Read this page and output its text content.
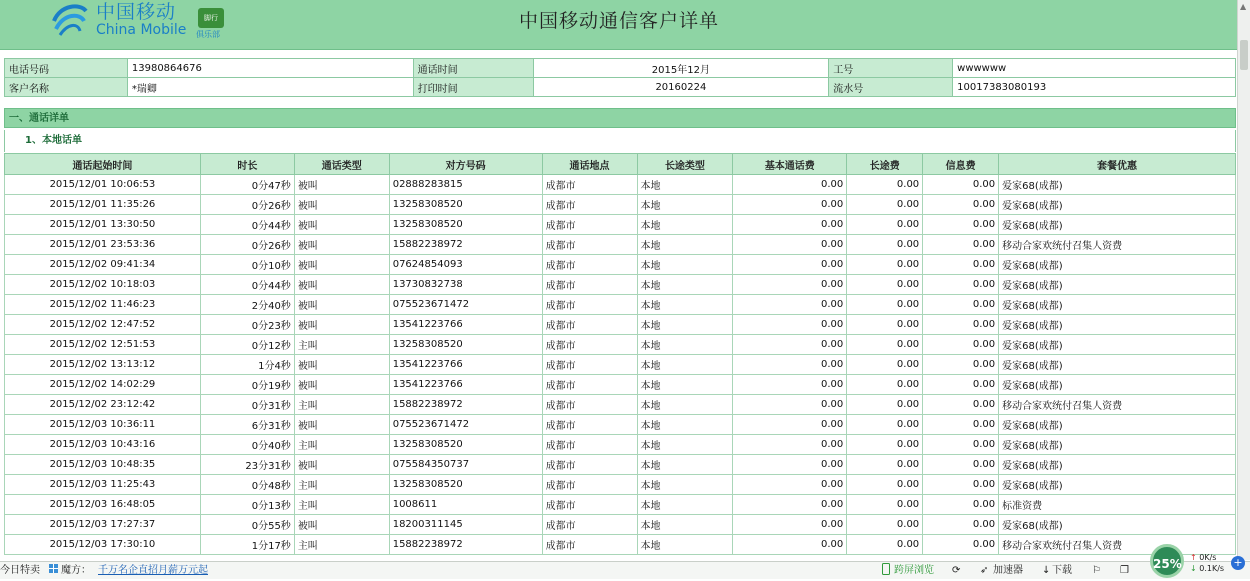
中国移动
China Mobile
脚行
俱乐部
中国移动通信客户详单
▲
电话号码	13980864676	通话时间	2015年12月	工号	wwwwww
客户名称	*瑞卿	打印时间	20160224	流水号	10017383080193
一、通话详单
1、本地话单
通话起始时间	时长	通话类型	对方号码	通话地点	长途类型	基本通话费	长途费	信息费	套餐优惠
2015/12/01 10:06:53	0分47秒	被叫	02888283815	成都市	本地	0.00	0.00	0.00	爱家68(成都)
2015/12/01 11:35:26	0分26秒	被叫	13258308520	成都市	本地	0.00	0.00	0.00	爱家68(成都)
2015/12/01 13:30:50	0分44秒	被叫	13258308520	成都市	本地	0.00	0.00	0.00	爱家68(成都)
2015/12/01 23:53:36	0分26秒	被叫	15882238972	成都市	本地	0.00	0.00	0.00	移动合家欢统付召集人资费
2015/12/02 09:41:34	0分10秒	被叫	07624854093	成都市	本地	0.00	0.00	0.00	爱家68(成都)
2015/12/02 10:18:03	0分44秒	被叫	13730832738	成都市	本地	0.00	0.00	0.00	爱家68(成都)
2015/12/02 11:46:23	2分40秒	被叫	075523671472	成都市	本地	0.00	0.00	0.00	爱家68(成都)
2015/12/02 12:47:52	0分23秒	被叫	13541223766	成都市	本地	0.00	0.00	0.00	爱家68(成都)
2015/12/02 12:51:53	0分12秒	主叫	13258308520	成都市	本地	0.00	0.00	0.00	爱家68(成都)
2015/12/02 13:13:12	1分4秒	被叫	13541223766	成都市	本地	0.00	0.00	0.00	爱家68(成都)
2015/12/02 14:02:29	0分19秒	被叫	13541223766	成都市	本地	0.00	0.00	0.00	爱家68(成都)
2015/12/02 23:12:42	0分31秒	主叫	15882238972	成都市	本地	0.00	0.00	0.00	移动合家欢统付召集人资费
2015/12/03 10:36:11	6分31秒	被叫	075523671472	成都市	本地	0.00	0.00	0.00	爱家68(成都)
2015/12/03 10:43:16	0分40秒	主叫	13258308520	成都市	本地	0.00	0.00	0.00	爱家68(成都)
2015/12/03 10:48:35	23分31秒	被叫	075584350737	成都市	本地	0.00	0.00	0.00	爱家68(成都)
2015/12/03 11:25:43	0分48秒	主叫	13258308520	成都市	本地	0.00	0.00	0.00	爱家68(成都)
2015/12/03 16:48:05	0分13秒	主叫	1008611	成都市	本地	0.00	0.00	0.00	标准资费
2015/12/03 17:27:37	0分55秒	被叫	18200311145	成都市	本地	0.00	0.00	0.00	爱家68(成都)
2015/12/03 17:30:10	1分17秒	主叫	15882238972	成都市	本地	0.00	0.00	0.00	移动合家欢统付召集人资费
今日特卖 魔方： 千万名企直招月薪万元起	跨屏浏览 ⟳ ➶ 加速器 ↓ 下载 ⚐ ❐ 25% ↑ 0K/s
↓ 0.1K/s +
